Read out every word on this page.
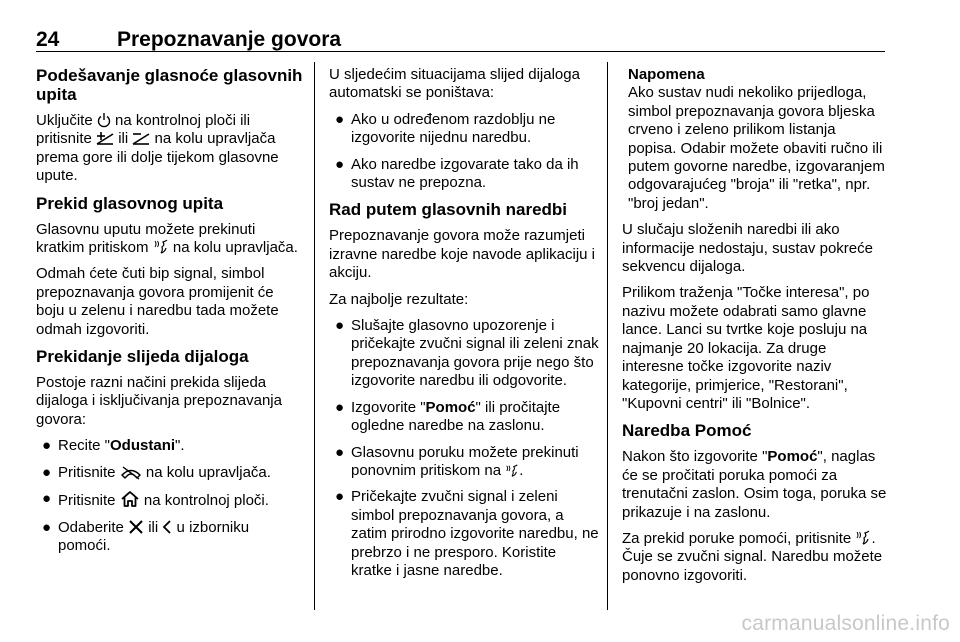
24	Prepoznavanje govora
Podešavanje glasnoće glasovnih upita

Uključite
na kontrolnoj ploči ili pritisnite
ili
na kolu upravljača prema gore ili dolje tijekom glasovne upute.

Prekid glasovnog upita

Glasovnu uputu možete prekinuti kratkim pritiskom
na kolu upravljača.

Odmah ćete čuti bip signal, simbol prepoznavanja govora promijenit će boju u zelenu i naredbu tada možete odmah izgovoriti.

Prekidanje slijeda dijaloga

Postoje razni načini prekida slijeda dijaloga i isključivanja prepoznavanja govora:

● Recite "Odustani".
● Pritisnite
na kolu upravljača.
● Pritisnite
na kontrolnoj ploči.
● Odaberite
ili
u izborniku pomoći.

U sljedećim situacijama slijed dijaloga automatski se poništava:

● Ako u određenom razdoblju ne izgovorite nijednu naredbu.
● Ako naredbe izgovarate tako da ih sustav ne prepozna.
Rad putem glasovnih naredbi

Prepoznavanje govora može razumjeti izravne naredbe koje navode aplikaciju i akciju.

Za najbolje rezultate:

● Slušajte glasovno upozorenje i pričekajte zvučni signal ili zeleni znak prepoznavanja govora prije nego što izgovorite naredbu ili odgovorite.
● Izgovorite "Pomoć" ili pročitajte ogledne naredbe na zaslonu.
● Glasovnu poruku možete prekinuti ponovnim pritiskom na
.
● Pričekajte zvučni signal i zeleni simbol prepoznavanja govora, a zatim prirodno izgovorite naredbu, ne prebrzo i ne presporo. Koristite kratke i jasne naredbe.
Napomena

Ako sustav nudi nekoliko prijedloga, simbol prepoznavanja govora bljeska crveno i zeleno prilikom listanja popisa. Odabir možete obaviti ručno ili putem govorne naredbe, izgovaranjem odgovarajućeg "broja" ili "retka", npr. "broj jedan".

U slučaju složenih naredbi ili ako informacije nedostaju, sustav pokreće sekvencu dijaloga.

Prilikom traženja "Točke interesa", po nazivu možete odabrati samo glavne lance. Lanci su tvrtke koje posluju na najmanje 20 lokacija. Za druge interesne točke izgovorite naziv kategorije, primjerice, "Restorani", "Kupovni centri" ili "Bolnice".

Naredba Pomoć

Nakon što izgovorite "Pomoć", naglas će se pročitati poruka pomoći za trenutačni zaslon. Osim toga, poruka se prikazuje i na zaslonu.

Za prekid poruke pomoći, pritisnite
. Čuje se zvučni signal. Naredbu možete ponovno izgovoriti.

carmanualsonline.info
